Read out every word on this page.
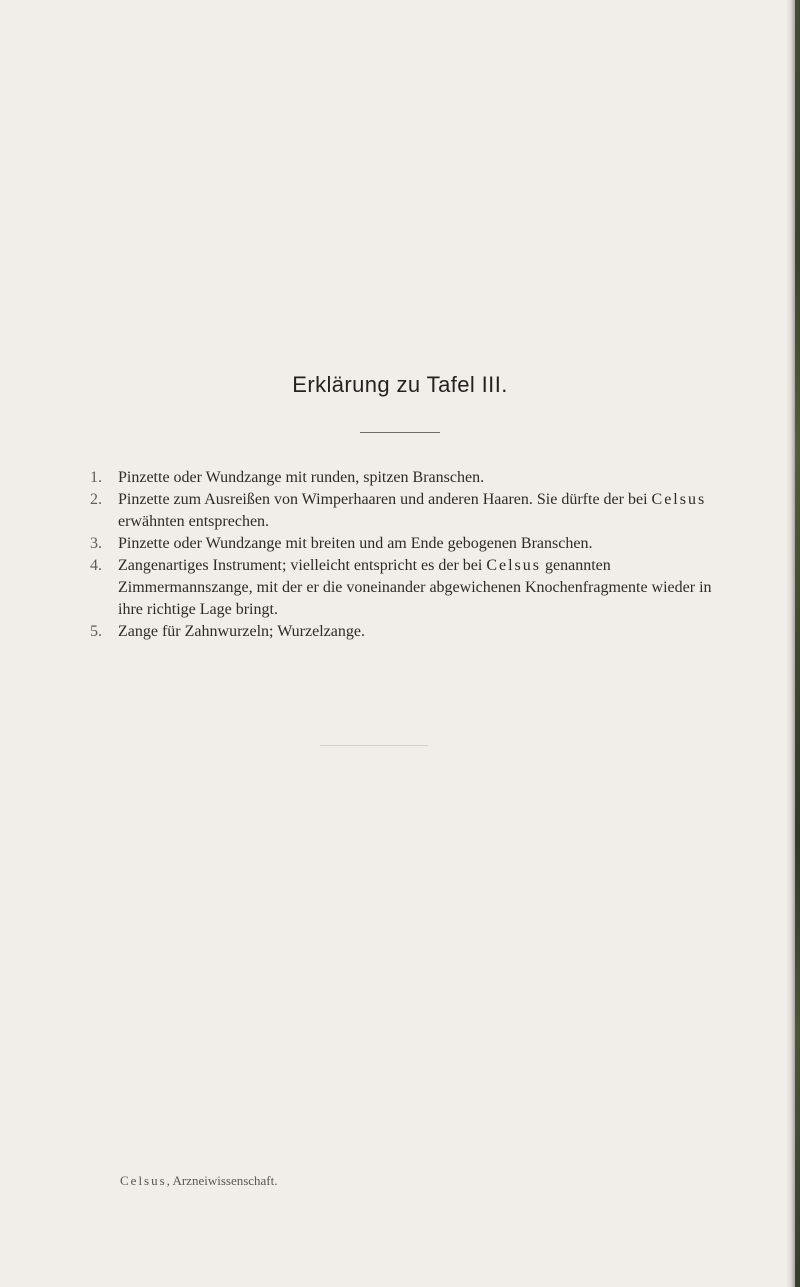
Erklärung zu Tafel III.
1.	Pinzette oder Wundzange mit runden, spitzen Branschen.
2.	Pinzette zum Ausreißen von Wimperhaaren und anderen Haaren. Sie dürfte der bei Celsus erwähnten entsprechen.
3.	Pinzette oder Wundzange mit breiten und am Ende gebogenen Branschen.
4.	Zangenartiges Instrument; vielleicht entspricht es der bei Celsus genannten Zimmermannszange, mit der er die voneinander abgewichenen Knochenfragmente wieder in ihre richtige Lage bringt.
5.	Zange für Zahnwurzeln; Wurzelzange.
Celsus, Arzneiwissenschaft.
